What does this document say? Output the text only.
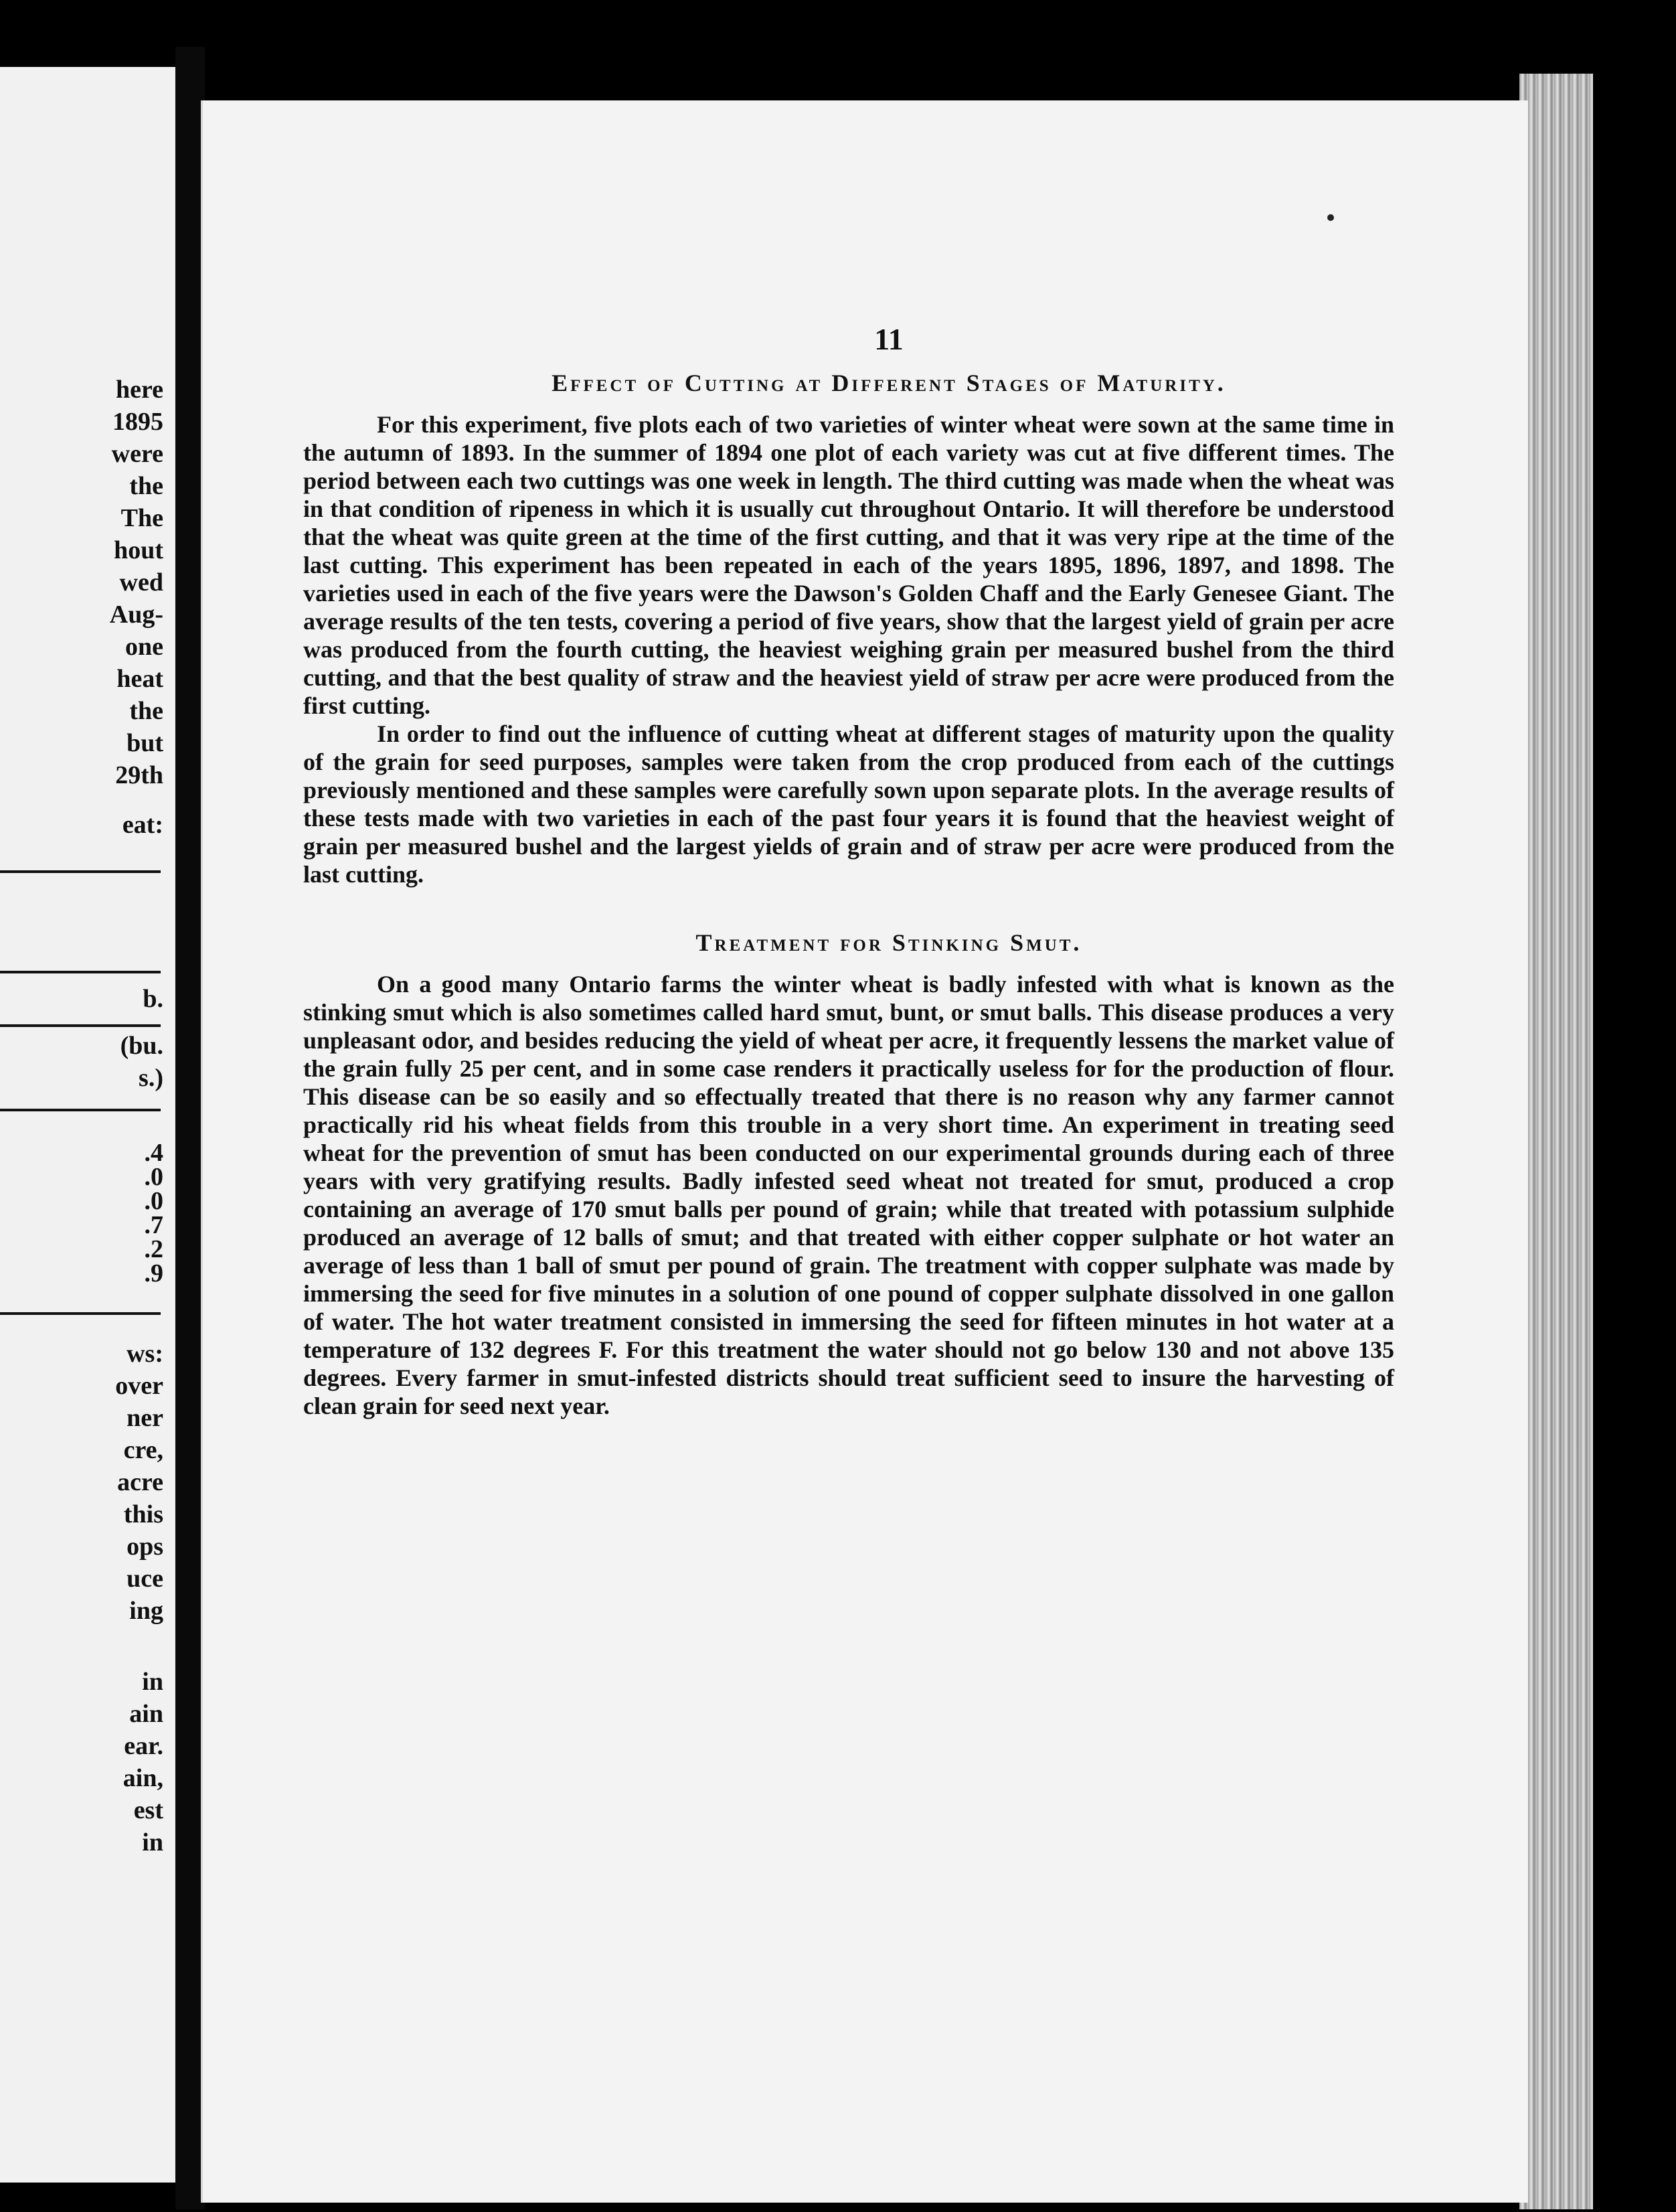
here
1895
were
the
The
hout
wed
Aug-
one
heat
the
but
29th
eat:
b.
(bu.
s.)
.4
.0
.0
.7
.2
.9
ws:
over
ner
cre,
acre
this
ops
uce
ing
in
ain
ear.
ain,
est
in
11
Effect of Cutting at Different Stages of Maturity.

For this experiment, five plots each of two varieties of winter wheat were sown at the same time in the autumn of 1893. In the summer of 1894 one plot of each variety was cut at five different times. The period between each two cuttings was one week in length. The third cutting was made when the wheat was in that condition of ripeness in which it is usually cut throughout Ontario. It will therefore be understood that the wheat was quite green at the time of the first cutting, and that it was very ripe at the time of the last cutting. This experiment has been repeated in each of the years 1895, 1896, 1897, and 1898. The varieties used in each of the five years were the Dawson's Golden Chaff and the Early Genesee Giant. The average results of the ten tests, covering a period of five years, show that the largest yield of grain per acre was produced from the fourth cutting, the heaviest weighing grain per measured bushel from the third cutting, and that the best quality of straw and the heaviest yield of straw per acre were produced from the first cutting.

In order to find out the influence of cutting wheat at different stages of maturity upon the quality of the grain for seed purposes, samples were taken from the crop produced from each of the cuttings previously mentioned and these samples were carefully sown upon separate plots. In the average results of these tests made with two varieties in each of the past four years it is found that the heaviest weight of grain per measured bushel and the largest yields of grain and of straw per acre were produced from the last cutting.

Treatment for Stinking Smut.

On a good many Ontario farms the winter wheat is badly infested with what is known as the stinking smut which is also sometimes called hard smut, bunt, or smut balls. This disease produces a very unpleasant odor, and besides reducing the yield of wheat per acre, it frequently lessens the market value of the grain fully 25 per cent, and in some case renders it practically useless for for the production of flour. This disease can be so easily and so effectually treated that there is no reason why any farmer cannot practically rid his wheat fields from this trouble in a very short time. An experiment in treating seed wheat for the prevention of smut has been conducted on our experimental grounds during each of three years with very gratifying results. Badly infested seed wheat not treated for smut, produced a crop containing an average of 170 smut balls per pound of grain; while that treated with potassium sulphide produced an average of 12 balls of smut; and that treated with either copper sulphate or hot water an average of less than 1 ball of smut per pound of grain. The treatment with copper sulphate was made by immersing the seed for five minutes in a solution of one pound of copper sulphate dissolved in one gallon of water. The hot water treatment consisted in immersing the seed for fifteen minutes in hot water at a temperature of 132 degrees F. For this treatment the water should not go below 130 and not above 135 degrees. Every farmer in smut-infested districts should treat sufficient seed to insure the harvesting of clean grain for seed next year.
